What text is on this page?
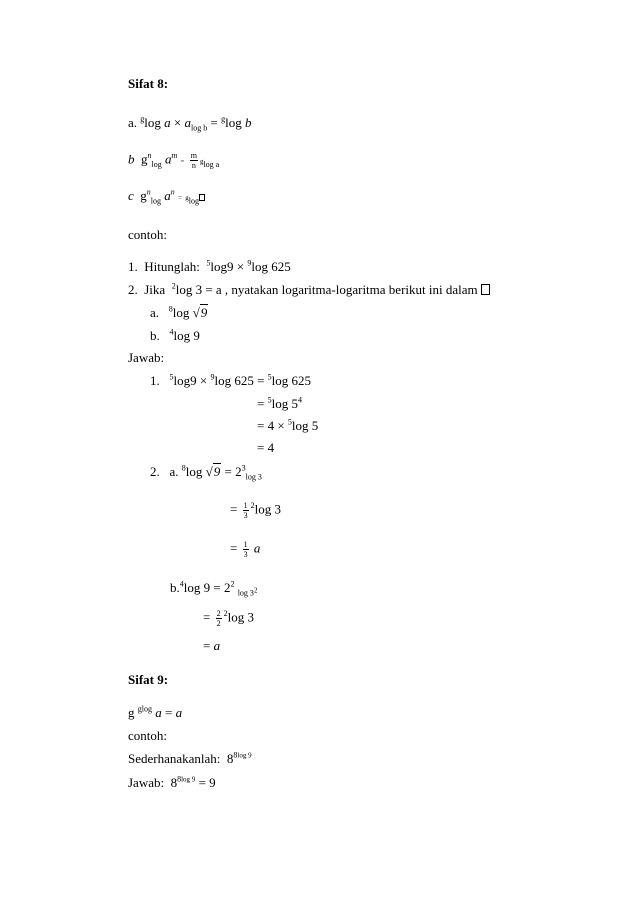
Sifat 8:
a. $^g$log $a \times a_{log b} = ^g\log$ b
b $g^n_{log}$ $a^m = \frac{m}{n} g_{log a}$
c $g^n_{log}$ $a^n = g_{log}$
contoh:
1. Hitunglah: $^5$log9 × $^9$log 625
2. Jika $^2$log 3 = a , nyatakan logaritma-logaritma berikut ini dalam
a. $^8$log √9
b. $^4$log 9
Jawab:
1. $^5$log9 × $^9$log 625 = $^5$log 625
= $^5$log $5^4$
= 4 × $^5$log 5
= 4
2. a. $^8$log $√9 = 2^3_{log 3}$
= $\frac{1}{3} ^2\log$ 3
= $\frac{1}{3}$ a
b.$^4$log $9 = 2^2$ $_{log 3^2}$
= $\frac{2}{2} ^2\log$ 3
= a
Sifat 9:
g $^{glog}$ a = a
contoh:
Sederhanakanlah: $8^{8log 9}$
Jawab: $8^{8log 9} = 9$
